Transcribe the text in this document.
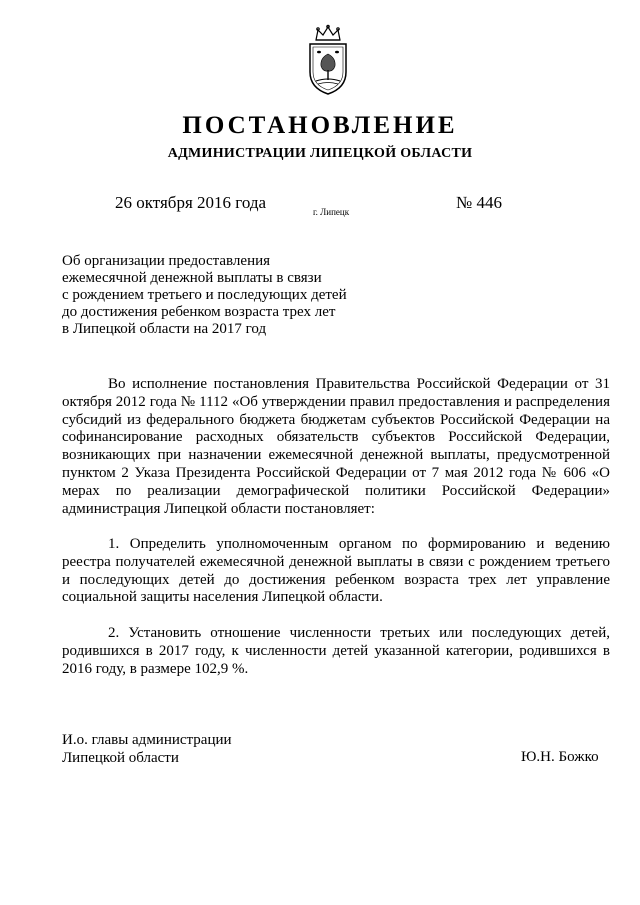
ПОСТАНОВЛЕНИЕ
АДМИНИСТРАЦИИ ЛИПЕЦКОЙ ОБЛАСТИ
26 октября 2016 года	г. Липецк	№ 446
Об организации предоставления
ежемесячной денежной выплаты в связи
с рождением третьего и последующих детей
до достижения ребенком возраста трех лет
в Липецкой области на 2017 год

Во исполнение постановления Правительства Российской Федерации от 31 октября 2012 года № 1112 «Об утверждении правил предоставления и распределения субсидий из федерального бюджета бюджетам субъектов Российской Федерации на софинансирование расходных обязательств субъектов Российской Федерации, возникающих при назначении ежемесячной денежной выплаты, предусмотренной пунктом 2 Указа Президента Российской Федерации от 7 мая 2012 года № 606 «О мерах по реализации демографической политики Российской Федерации» администрация Липецкой области постановляет:

1. Определить уполномоченным органом по формированию и ведению реестра получателей ежемесячной денежной выплаты в связи с рождением третьего и последующих детей до достижения ребенком возраста трех лет управление социальной защиты населения Липецкой области.

2. Установить отношение численности третьих или последующих детей, родившихся в 2017 году, к численности детей указанной категории, родившихся в 2016 году, в размере 102,9 %.

И.о. главы администрации
Липецкой области	Ю.Н. Божко
